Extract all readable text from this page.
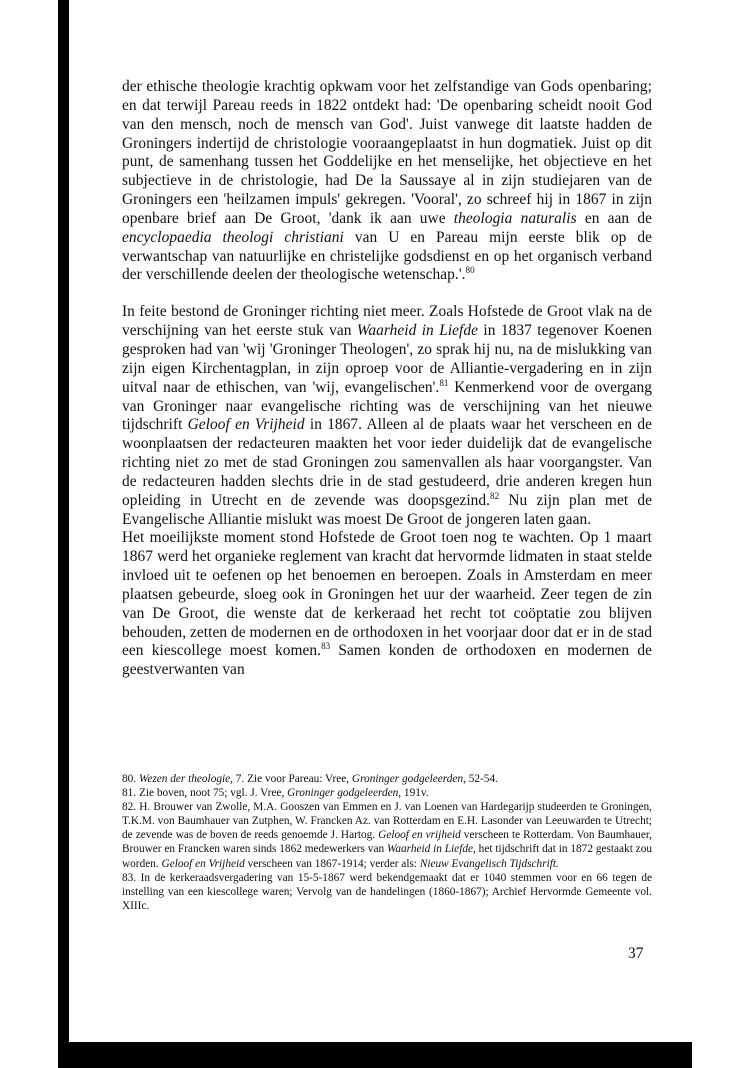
der ethische theologie krachtig opkwam voor het zelfstandige van Gods openbaring; en dat terwijl Pareau reeds in 1822 ontdekt had: 'De openbaring scheidt nooit God van den mensch, noch de mensch van God'. Juist vanwege dit laatste hadden de Groningers indertijd de christologie vooraangeplaatst in hun dogmatiek. Juist op dit punt, de samenhang tussen het Goddelijke en het menselijke, het objectieve en het subjectieve in de christologie, had De la Saussaye al in zijn studiejaren van de Groningers een 'heilzamen impuls' gekregen. 'Vooral', zo schreef hij in 1867 in zijn openbare brief aan De Groot, 'dank ik aan uwe theologia naturalis en aan de encyclopaedia theologi christiani van U en Pareau mijn eerste blik op de verwantschap van natuurlijke en christelijke godsdienst en op het organisch verband der verschillende deelen der theologische wetenschap.'.$^{80}$

In feite bestond de Groninger richting niet meer. Zoals Hofstede de Groot vlak na de verschijning van het eerste stuk van Waarheid in Liefde in 1837 tegenover Koenen gesproken had van 'wij 'Groninger Theologen', zo sprak hij nu, na de mislukking van zijn eigen Kirchentagplan, in zijn oproep voor de Alliantie-vergadering en in zijn uitval naar de ethischen, van 'wij, evangelischen'.$^{81}$ Kenmerkend voor de overgang van Groninger naar evangelische richting was de verschijning van het nieuwe tijdschrift Geloof en Vrijheid in 1867. Alleen al de plaats waar het verscheen en de woonplaatsen der redacteuren maakten het voor ieder duidelijk dat de evangelische richting niet zo met de stad Groningen zou samenvallen als haar voorgangster. Van de redacteuren hadden slechts drie in de stad gestudeerd, drie anderen kregen hun opleiding in Utrecht en de zevende was doopsgezind.$^{82}$ Nu zijn plan met de Evangelische Alliantie mislukt was moest De Groot de jongeren laten gaan.

Het moeilijkste moment stond Hofstede de Groot toen nog te wachten. Op 1 maart 1867 werd het organieke reglement van kracht dat hervormde lidmaten in staat stelde invloed uit te oefenen op het benoemen en beroepen. Zoals in Amsterdam en meer plaatsen gebeurde, sloeg ook in Groningen het uur der waarheid. Zeer tegen de zin van De Groot, die wenste dat de kerkeraad het recht tot coöptatie zou blijven behouden, zetten de modernen en de orthodoxen in het voorjaar door dat er in de stad een kiescollege moest komen.$^{83}$ Samen konden de orthodoxen en modernen de geestverwanten van

80. Wezen der theologie, 7. Zie voor Pareau: Vree, Groninger godgeleerden, 52-54.

81. Zie boven, noot 75; vgl. J. Vree, Groninger godgeleerden, 191v.

82. H. Brouwer van Zwolle, M.A. Gooszen van Emmen en J. van Loenen van Hardegarijp studeerden te Groningen, T.K.M. von Baumhauer van Zutphen, W. Francken Az. van Rotterdam en E.H. Lasonder van Leeuwarden te Utrecht; de zevende was de boven de reeds genoemde J. Hartog. Geloof en vrijheid verscheen te Rotterdam. Von Baumhauer, Brouwer en Francken waren sinds 1862 medewerkers van Waarheid in Liefde, het tijdschrift dat in 1872 gestaakt zou worden. Geloof en Vrijheid verscheen van 1867-1914; verder als: Nieuw Evangelisch Tijdschrift.

83. In de kerkeraadsvergadering van 15-5-1867 werd bekendgemaakt dat er 1040 stemmen voor en 66 tegen de instelling van een kiescollege waren; Vervolg van de handelingen (1860-1867); Archief Hervormde Gemeente vol. XIIIc.

37
